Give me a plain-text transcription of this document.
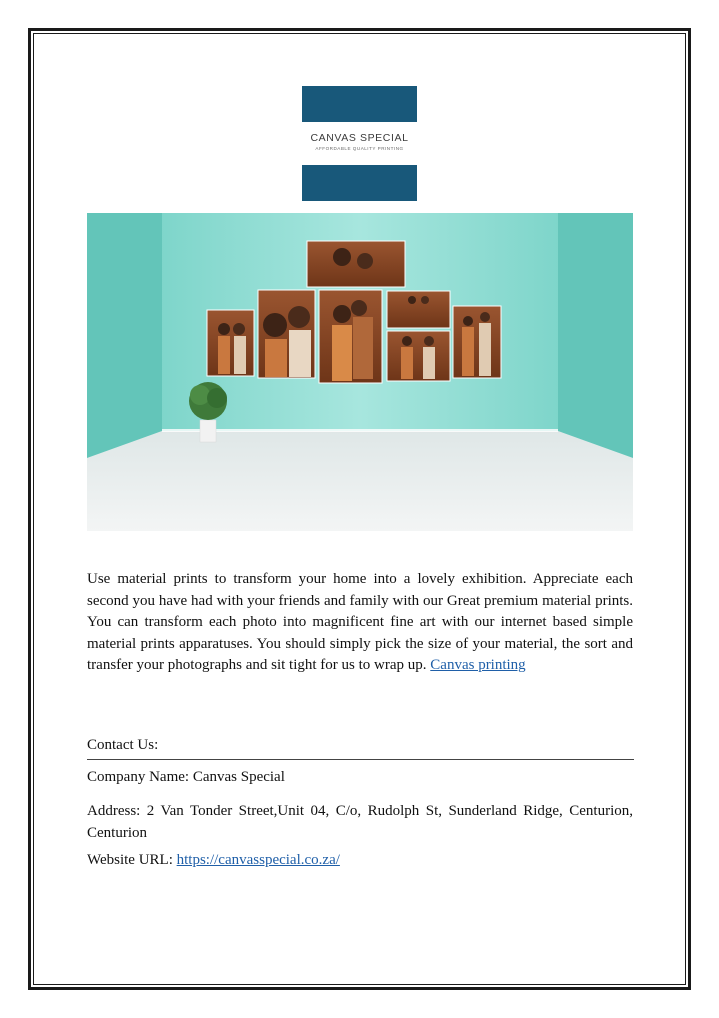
CANVAS SPECIAL
AFFORDABLE QUALITY PRINTING
Use material prints to transform your home into a lovely exhibition. Appreciate each second you have had with your friends and family with our Great premium material prints. You can transform each photo into magnificent fine art with our internet based simple material prints apparatuses. You should simply pick the size of your material, the sort and transfer your photographs and sit tight for us to wrap up. Canvas printing
Contact Us:
Company Name: Canvas Special
Address: 2 Van Tonder Street,Unit 04, C/o, Rudolph St, Sunderland Ridge, Centurion, Centurion
Website URL: https://canvasspecial.co.za/
